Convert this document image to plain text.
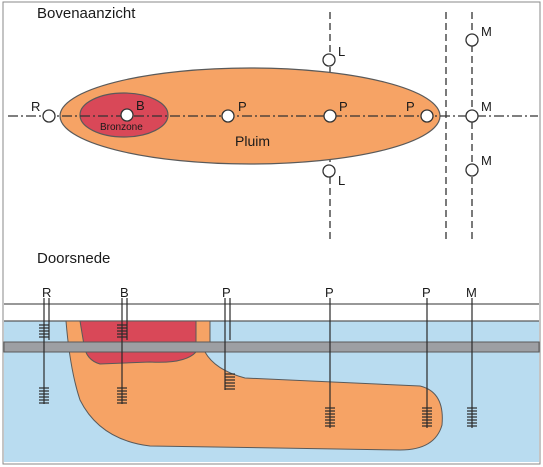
Bovenaanzicht
R	B
Bronzone
P	P	P
Pluim
L
L
M
M
M
Doorsnede
R	B	P	P	P	M
